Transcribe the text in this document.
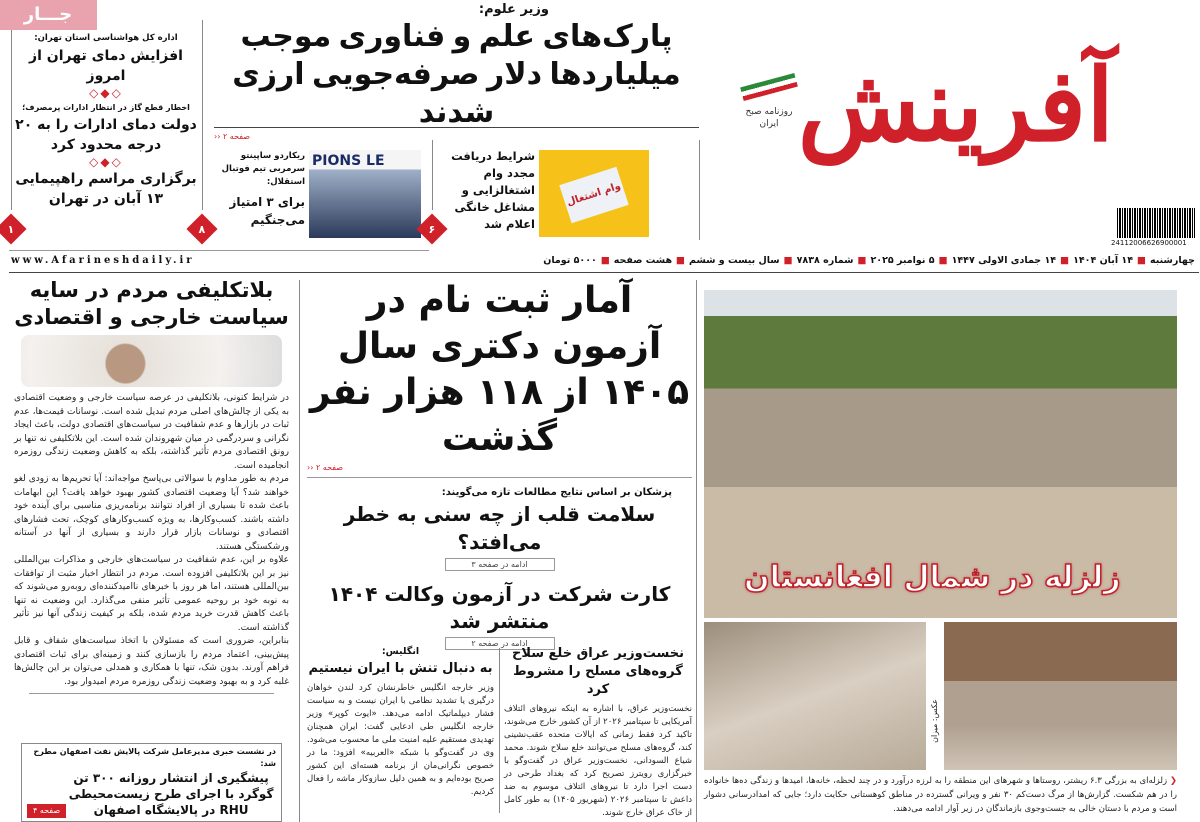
جـــار
اداره کل هواشناسی استان تهران:
افزایش دمای تهران از امروز
◇◆◇
اخطار قطع گاز در انتظار ادارات پرمصرف؛
دولت دمای ادارات را به ۲۰ درجه محدود کرد
◇◆◇
برگزاری مراسم راهپیمایی ۱۳ آبان در تهران
۱	۸
وزیر علوم:
پارک‌های علم و فناوری موجب میلیاردها دلار صرفه‌جویی ارزی شدند
صفحه ۲ ‹‹
PIONS LE
ریکاردو ساپینتو سرمربی تیم فوتبال استقلال:
برای ۳ امتیاز می‌جنگیم
۶
وام اشتغال
شرایط دریافت مجدد وام اشتغالزایی و مشاغل خانگی اعلام شد
آفرینش
روزنامه صبح ایران
24112006626900001
چهارشنبه
■
۱۴ آبان ۱۴۰۴
■
۱۴ جمادی الاولی ۱۴۴۷
■
۵ نوامبر ۲۰۲۵
■
شماره ۷۸۳۸
■
سال بیست و ششم
■
هشت صفحه
■
۵۰۰۰ تومان
www.Afarineshdaily.ir
بلاتکلیفی مردم در سایه سیاست خارجی و اقتصادی

در شرایط کنونی، بلاتکلیفی در عرصه سیاست خارجی و وضعیت اقتصادی به یکی از چالش‌های اصلی مردم تبدیل شده است. نوسانات قیمت‌ها، عدم ثبات در بازارها و عدم شفافیت در سیاست‌های اقتصادی دولت، باعث ایجاد نگرانی و سردرگمی در میان شهروندان شده است. این بلاتکلیفی نه تنها بر رونق اقتصادی مردم تأثیر گذاشته، بلکه به کاهش وضعیت زندگی روزمره انجامیده است.

مردم به طور مداوم با سوالاتی بی‌پاسخ مواجه‌اند: آیا تحریم‌ها به زودی لغو خواهند شد؟ آیا وضعیت اقتصادی کشور بهبود خواهد یافت؟ این ابهامات باعث شده تا بسیاری از افراد نتوانند برنامه‌ریزی مناسبی برای آینده خود داشته باشند. کسب‌وکارها، به ویژه کسب‌وکارهای کوچک، تحت فشارهای اقتصادی و نوسانات بازار قرار دارند و بسیاری از آنها در آستانه ورشکستگی هستند.

علاوه بر این، عدم شفافیت در سیاست‌های خارجی و مذاکرات بین‌المللی نیز بر این بلاتکلیفی افزوده است. مردم در انتظار اخبار مثبت از توافقات بین‌المللی هستند، اما هر روز با خبرهای ناامیدکننده‌ای روبه‌رو می‌شوند که به نوبه خود بر روحیه عمومی تأثیر منفی می‌گذارد. این وضعیت نه تنها باعث کاهش قدرت خرید مردم شده، بلکه بر کیفیت زندگی آنها نیز تأثیر گذاشته است.

بنابراین، ضروری است که مسئولان با اتخاذ سیاست‌های شفاف و قابل پیش‌بینی، اعتماد مردم را بازسازی کنند و زمینه‌ای برای ثبات اقتصادی فراهم آورند. بدون شک، تنها با همکاری و همدلی می‌توان بر این چالش‌ها غلبه کرد و به بهبود وضعیت زندگی روزمره مردم امیدوار بود.

در نشست خبری مدیرعامل شرکت پالایش نفت اصفهان مطرح شد:
صفحه ۴
پیشگیری از انتشار روزانه ۳۰۰ تن گوگرد با اجرای طرح زیست‌محیطی RHU در پالایشگاه اصفهان
آمار ثبت نام در آزمون دکتری سال ۱۴۰۵ از ۱۱۸ هزار نفر گذشت
صفحه ۲ ‹‹
پزشکان بر اساس نتایج مطالعات تازه می‌گویند:
سلامت قلب از چه سنی به خطر می‌افتد؟
ادامه در صفحه ۳
کارت شرکت در آزمون وکالت ۱۴۰۴ منتشر شد
ادامه در صفحه ۲
نخست‌وزیر عراق خلع سلاح گروه‌های مسلح را مشروط کرد
نخست‌وزیر عراق، با اشاره به اینکه نیروهای ائتلاف آمریکایی تا سپتامبر ۲۰۲۶ از آن کشور خارج می‌شوند، تاکید کرد فقط زمانی که ایالات متحده عقب‌نشینی کند، گروه‌های مسلح می‌توانند خلع سلاح شوند. محمد شیاع السودانی، نخست‌وزیر عراق در گفت‌وگو با خبرگزاری رویترز تصریح کرد که بغداد طرحی در دست اجرا دارد تا نیروهای ائتلاف موسوم به ضد داعش تا سپتامبر ۲۰۲۶ (شهریور ۱۴۰۵) به طور کامل از خاک عراق خارج شوند.
انگلیس:
به دنبال تنش با ایران نیستیم
وزیر خارجه انگلیس خاطرنشان کرد لندن خواهان درگیری یا تشدید نظامی با ایران نیست و به سیاست فشار دیپلماتیک ادامه می‌دهد. «ایوت کوپر» وزیر خارجه انگلیس طی ادعایی گفت: ایران همچنان تهدیدی مستقیم علیه امنیت ملی ما محسوب می‌شود. وی در گفت‌وگو با شبکه «العربیه» افزود: ما در خصوص نگرانی‌مان از برنامه هسته‌ای این کشور صریح بوده‌ایم و به همین دلیل سازوکار ماشه را فعال کردیم.
زلزله در شمال افغانستان
عکس: میزان
❮ زلزله‌ای به بزرگی ۶.۳ ریشتر، روستاها و شهرهای این منطقه را به لرزه درآورد و در چند لحظه، خانه‌ها، امیدها و زندگی ده‌ها خانواده را در هم شکست. گزارش‌ها از مرگ دست‌کم ۳۰ نفر و ویرانی گسترده در مناطق کوهستانی حکایت دارد؛ جایی که امدادرسانی دشوار است و مردم با دستان خالی به جست‌وجوی بازماندگان در زیر آوار ادامه می‌دهند.
